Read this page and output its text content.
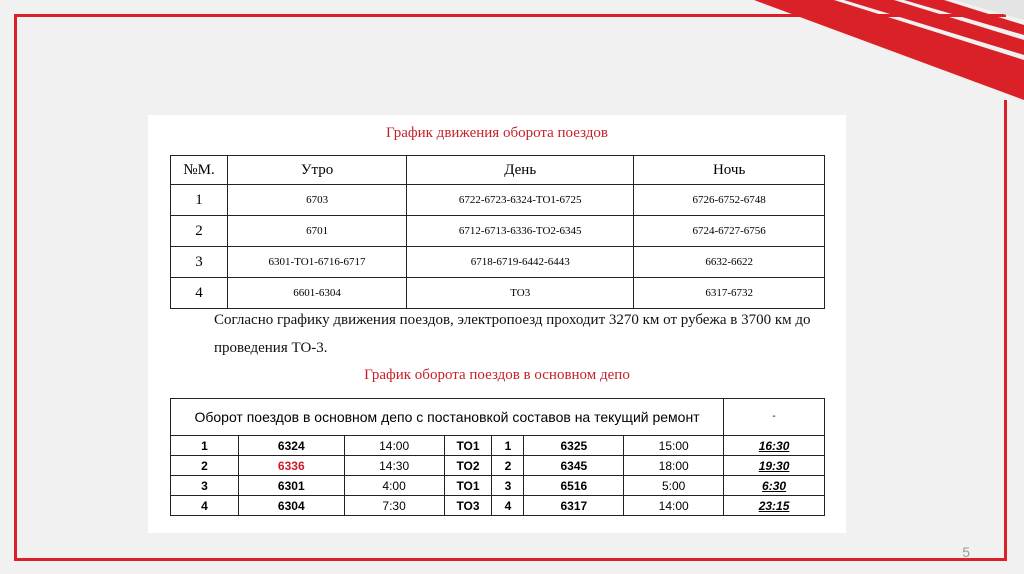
График движения оборота поездов
№М.	Утро	День	Ночь
1	6703	6722-6723-6324-ТО1-6725	6726-6752-6748
2	6701	6712-6713-6336-ТО2-6345	6724-6727-6756
3	6301-ТО1-6716-6717	6718-6719-6442-6443	6632-6622
4	6601-6304	ТО3	6317-6732
Согласно графику движения поездов, электропоезд проходит 3270 км от рубежа в 3700 км до проведения ТО-3.
График оборота поездов в основном депо
Оборот поездов в основном депо с постановкой составов на текущий ремонт							-
1	6324	14:00	ТО1	1	6325	15:00	16:30
2	6336	14:30	ТО2	2	6345	18:00	19:30
3	6301	4:00	ТО1	3	6516	5:00	6:30
4	6304	7:30	ТО3	4	6317	14:00	23:15
5
